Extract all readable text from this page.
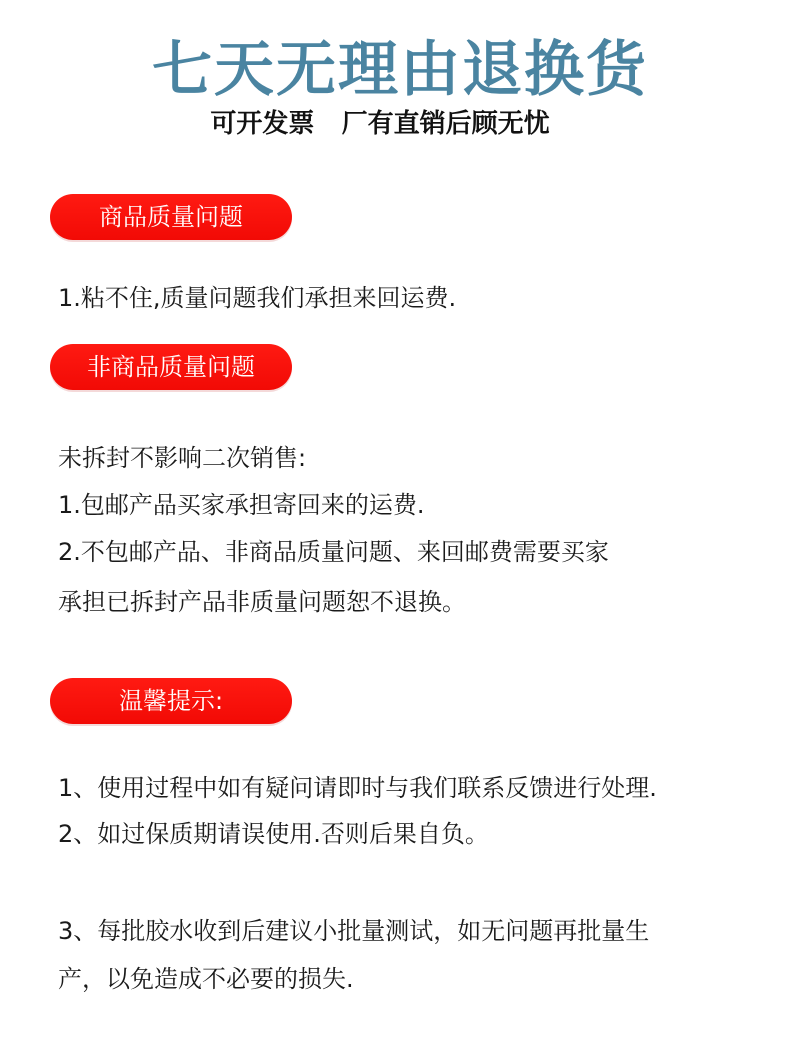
七天无理由退换货
可开发票   厂有直销后顾无忧
商品质量问题
1.粘不住,质量问题我们承担来回运费.
非商品质量问题
未拆封不影响二次销售:
1.包邮产品买家承担寄回来的运费.
2.不包邮产品、非商品质量问题、来回邮费需要买家
承担已拆封产品非质量问题恕不退换。
温馨提示:
1、使用过程中如有疑问请即时与我们联系反馈进行处理.
2、如过保质期请误使用.否则后果自负。
3、每批胶水收到后建议小批量测试，如无问题再批量生
产，以免造成不必要的损失.
